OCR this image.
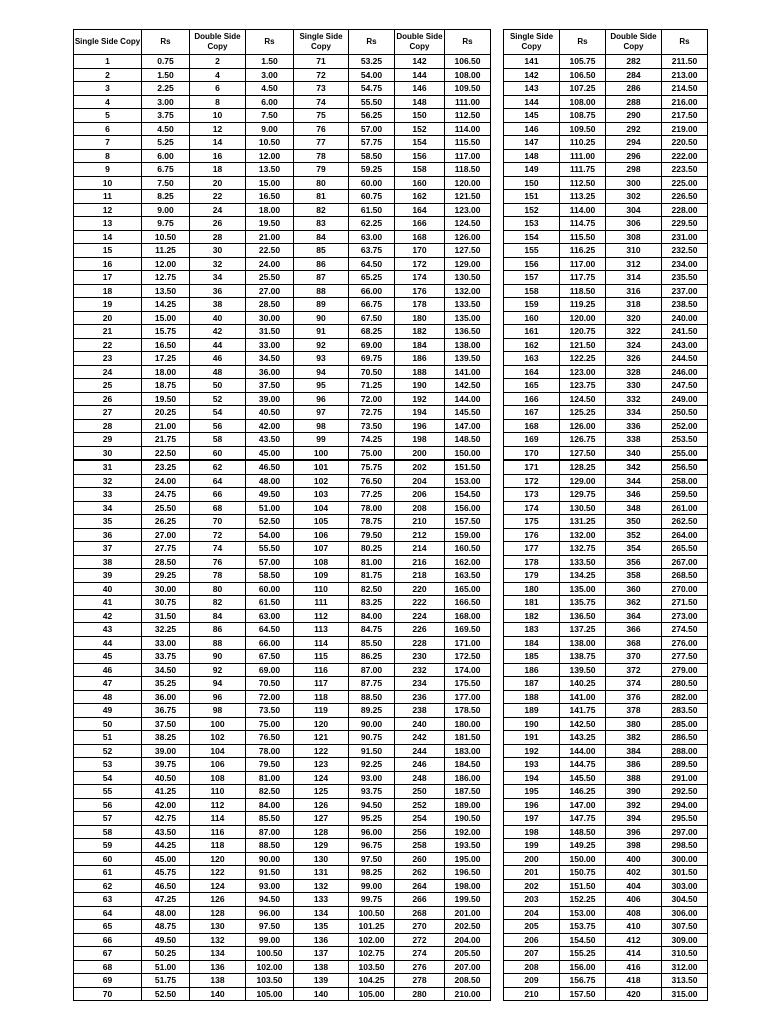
Single Side Copy	Rs	Double Side Copy	Rs
1	0.75	2	1.50
2	1.50	4	3.00
3	2.25	6	4.50
4	3.00	8	6.00
5	3.75	10	7.50
6	4.50	12	9.00
7	5.25	14	10.50
8	6.00	16	12.00
9	6.75	18	13.50
10	7.50	20	15.00
11	8.25	22	16.50
12	9.00	24	18.00
13	9.75	26	19.50
14	10.50	28	21.00
15	11.25	30	22.50
16	12.00	32	24.00
17	12.75	34	25.50
18	13.50	36	27.00
19	14.25	38	28.50
20	15.00	40	30.00
21	15.75	42	31.50
22	16.50	44	33.00
23	17.25	46	34.50
24	18.00	48	36.00
25	18.75	50	37.50
26	19.50	52	39.00
27	20.25	54	40.50
28	21.00	56	42.00
29	21.75	58	43.50
30	22.50	60	45.00
31	23.25	62	46.50
32	24.00	64	48.00
33	24.75	66	49.50
34	25.50	68	51.00
35	26.25	70	52.50
36	27.00	72	54.00
37	27.75	74	55.50
38	28.50	76	57.00
39	29.25	78	58.50
40	30.00	80	60.00
41	30.75	82	61.50
42	31.50	84	63.00
43	32.25	86	64.50
44	33.00	88	66.00
45	33.75	90	67.50
46	34.50	92	69.00
47	35.25	94	70.50
48	36.00	96	72.00
49	36.75	98	73.50
50	37.50	100	75.00
51	38.25	102	76.50
52	39.00	104	78.00
53	39.75	106	79.50
54	40.50	108	81.00
55	41.25	110	82.50
56	42.00	112	84.00
57	42.75	114	85.50
58	43.50	116	87.00
59	44.25	118	88.50
60	45.00	120	90.00
61	45.75	122	91.50
62	46.50	124	93.00
63	47.25	126	94.50
64	48.00	128	96.00
65	48.75	130	97.50
66	49.50	132	99.00
67	50.25	134	100.50
68	51.00	136	102.00
69	51.75	138	103.50
70	52.50	140	105.00
Single Side Copy	Rs	Double Side Copy	Rs
71	53.25	142	106.50
72	54.00	144	108.00
73	54.75	146	109.50
74	55.50	148	111.00
75	56.25	150	112.50
76	57.00	152	114.00
77	57.75	154	115.50
78	58.50	156	117.00
79	59.25	158	118.50
80	60.00	160	120.00
81	60.75	162	121.50
82	61.50	164	123.00
83	62.25	166	124.50
84	63.00	168	126.00
85	63.75	170	127.50
86	64.50	172	129.00
87	65.25	174	130.50
88	66.00	176	132.00
89	66.75	178	133.50
90	67.50	180	135.00
91	68.25	182	136.50
92	69.00	184	138.00
93	69.75	186	139.50
94	70.50	188	141.00
95	71.25	190	142.50
96	72.00	192	144.00
97	72.75	194	145.50
98	73.50	196	147.00
99	74.25	198	148.50
100	75.00	200	150.00
101	75.75	202	151.50
102	76.50	204	153.00
103	77.25	206	154.50
104	78.00	208	156.00
105	78.75	210	157.50
106	79.50	212	159.00
107	80.25	214	160.50
108	81.00	216	162.00
109	81.75	218	163.50
110	82.50	220	165.00
111	83.25	222	166.50
112	84.00	224	168.00
113	84.75	226	169.50
114	85.50	228	171.00
115	86.25	230	172.50
116	87.00	232	174.00
117	87.75	234	175.50
118	88.50	236	177.00
119	89.25	238	178.50
120	90.00	240	180.00
121	90.75	242	181.50
122	91.50	244	183.00
123	92.25	246	184.50
124	93.00	248	186.00
125	93.75	250	187.50
126	94.50	252	189.00
127	95.25	254	190.50
128	96.00	256	192.00
129	96.75	258	193.50
130	97.50	260	195.00
131	98.25	262	196.50
132	99.00	264	198.00
133	99.75	266	199.50
134	100.50	268	201.00
135	101.25	270	202.50
136	102.00	272	204.00
137	102.75	274	205.50
138	103.50	276	207.00
139	104.25	278	208.50
140	105.00	280	210.00
Single Side Copy	Rs	Double Side Copy	Rs
141	105.75	282	211.50
142	106.50	284	213.00
143	107.25	286	214.50
144	108.00	288	216.00
145	108.75	290	217.50
146	109.50	292	219.00
147	110.25	294	220.50
148	111.00	296	222.00
149	111.75	298	223.50
150	112.50	300	225.00
151	113.25	302	226.50
152	114.00	304	228.00
153	114.75	306	229.50
154	115.50	308	231.00
155	116.25	310	232.50
156	117.00	312	234.00
157	117.75	314	235.50
158	118.50	316	237.00
159	119.25	318	238.50
160	120.00	320	240.00
161	120.75	322	241.50
162	121.50	324	243.00
163	122.25	326	244.50
164	123.00	328	246.00
165	123.75	330	247.50
166	124.50	332	249.00
167	125.25	334	250.50
168	126.00	336	252.00
169	126.75	338	253.50
170	127.50	340	255.00
171	128.25	342	256.50
172	129.00	344	258.00
173	129.75	346	259.50
174	130.50	348	261.00
175	131.25	350	262.50
176	132.00	352	264.00
177	132.75	354	265.50
178	133.50	356	267.00
179	134.25	358	268.50
180	135.00	360	270.00
181	135.75	362	271.50
182	136.50	364	273.00
183	137.25	366	274.50
184	138.00	368	276.00
185	138.75	370	277.50
186	139.50	372	279.00
187	140.25	374	280.50
188	141.00	376	282.00
189	141.75	378	283.50
190	142.50	380	285.00
191	143.25	382	286.50
192	144.00	384	288.00
193	144.75	386	289.50
194	145.50	388	291.00
195	146.25	390	292.50
196	147.00	392	294.00
197	147.75	394	295.50
198	148.50	396	297.00
199	149.25	398	298.50
200	150.00	400	300.00
201	150.75	402	301.50
202	151.50	404	303.00
203	152.25	406	304.50
204	153.00	408	306.00
205	153.75	410	307.50
206	154.50	412	309.00
207	155.25	414	310.50
208	156.00	416	312.00
209	156.75	418	313.50
210	157.50	420	315.00
